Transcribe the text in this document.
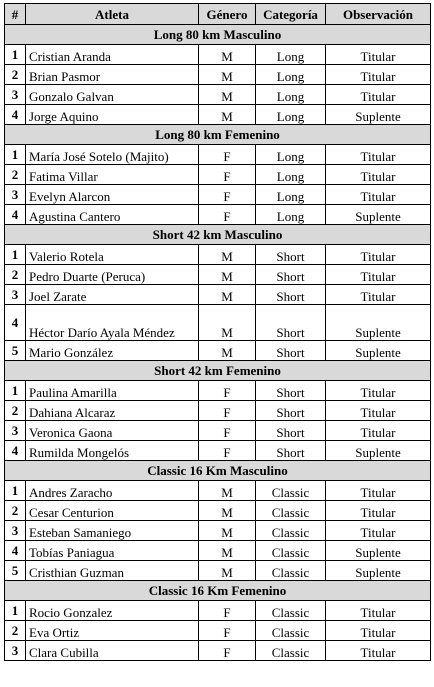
#	Atleta	Género	Categoría	Observación
Long 80 km Masculino				
1	Cristian Aranda	M	Long	Titular
2	Brian Pasmor	M	Long	Titular
3	Gonzalo Galvan	M	Long	Titular
4	Jorge Aquino	M	Long	Suplente
Long 80 km Femenino				
1	María José Sotelo (Majito)	F	Long	Titular
2	Fatima Villar	F	Long	Titular
3	Evelyn Alarcon	F	Long	Titular
4	Agustina Cantero	F	Long	Suplente
Short 42 km Masculino				
1	Valerio Rotela	M	Short	Titular
2	Pedro Duarte (Peruca)	M	Short	Titular
3	Joel Zarate	M	Short	Titular
4	Héctor Darío Ayala Méndez	M	Short	Suplente
5	Mario González	M	Short	Suplente
Short 42 km Femenino				
1	Paulina Amarilla	F	Short	Titular
2	Dahiana Alcaraz	F	Short	Titular
3	Veronica Gaona	F	Short	Titular
4	Rumilda Mongelós	F	Short	Suplente
Classic 16 Km Masculino				
1	Andres Zaracho	M	Classic	Titular
2	Cesar Centurion	M	Classic	Titular
3	Esteban Samaniego	M	Classic	Titular
4	Tobías Paniagua	M	Classic	Suplente
5	Cristhian Guzman	M	Classic	Suplente
Classic 16 Km Femenino				
1	Rocio Gonzalez	F	Classic	Titular
2	Eva Ortiz	F	Classic	Titular
3	Clara Cubilla	F	Classic	Titular
